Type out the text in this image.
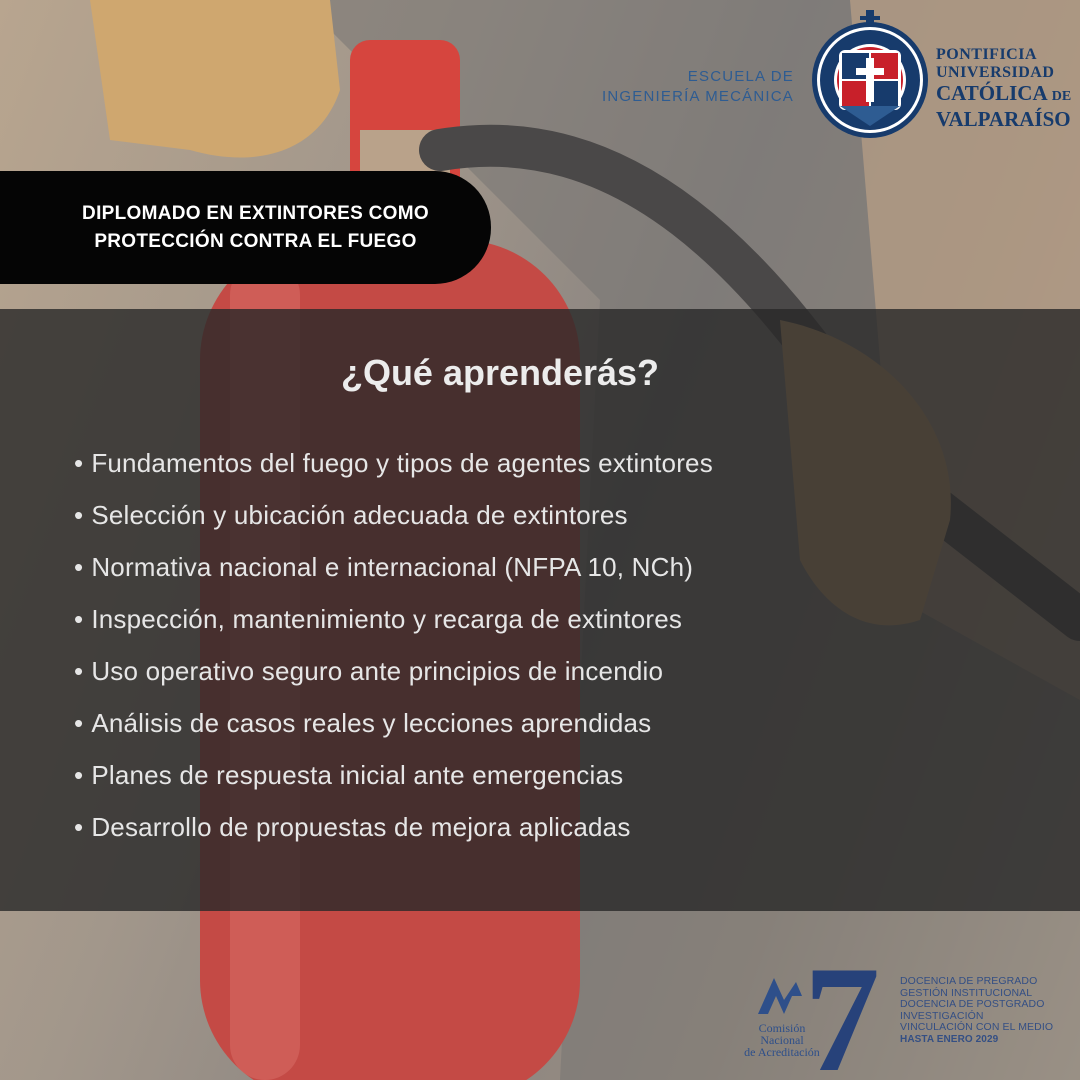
ESCUELA DE
INGENIERÍA MECÁNICA
PONTIFICIA
UNIVERSIDAD
CATÓLICA DE
VALPARAÍSO
DIPLOMADO EN EXTINTORES COMO PROTECCIÓN CONTRA EL FUEGO
¿Qué aprenderás?
• Fundamentos del fuego y tipos de agentes extintores
• Selección y ubicación adecuada de extintores
• Normativa nacional e internacional (NFPA 10, NCh)
• Inspección, mantenimiento y recarga de extintores
• Uso operativo seguro ante principios de incendio
• Análisis de casos reales y lecciones aprendidas
• Planes de respuesta inicial ante emergencias
• Desarrollo de propuestas de mejora aplicadas
7
Comisión
Nacional
de Acreditación
DOCENCIA DE PREGRADO
GESTIÓN INSTITUCIONAL
DOCENCIA DE POSTGRADO
INVESTIGACIÓN
VINCULACIÓN CON EL MEDIO
HASTA ENERO 2029
